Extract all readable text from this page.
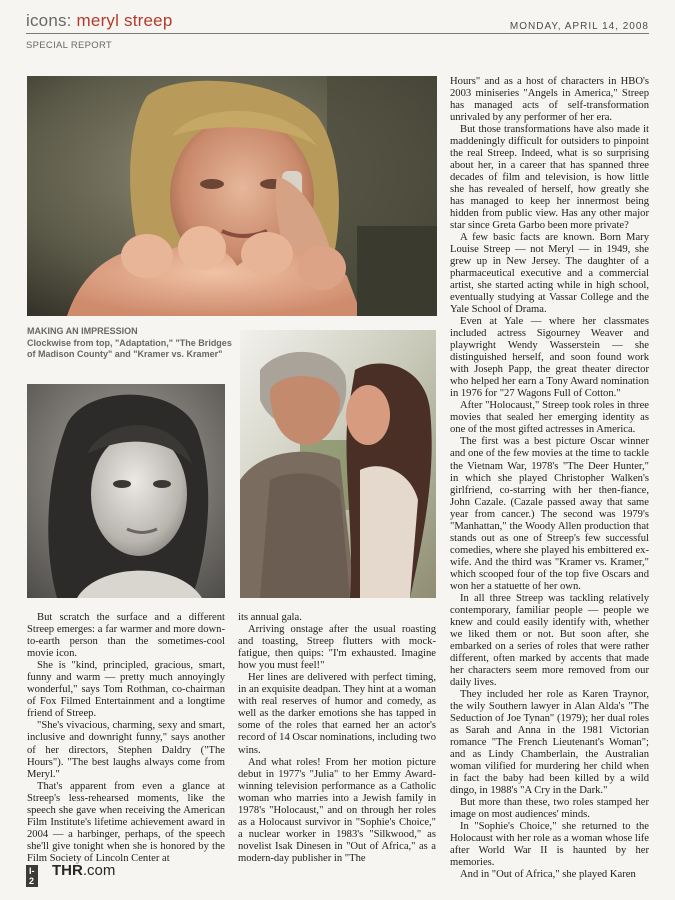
icons: meryl streep	MONDAY, APRIL 14, 2008
SPECIAL REPORT
MAKING AN IMPRESSION
Clockwise from top, "Adaptation," "The Bridges of Madison County" and "Kramer vs. Kramer"

But scratch the surface and a different Streep emerges: a far warmer and more down-to-earth person than the sometimes-cool movie icon.

She is "kind, principled, gracious, smart, funny and warm — pretty much annoyingly wonderful," says Tom Rothman, co-chairman of Fox Filmed Entertainment and a longtime friend of Streep.

"She's vivacious, charming, sexy and smart, inclusive and downright funny," says another of her directors, Stephen Daldry ("The Hours"). "The best laughs always come from Meryl."

That's apparent from even a glance at Streep's less-rehearsed moments, like the speech she gave when receiving the American Film Institute's lifetime achievement award in 2004 — a harbinger, perhaps, of the speech she'll give tonight when she is honored by the Film Society of Lincoln Center at

its annual gala.

Arriving onstage after the usual roasting and toasting, Streep flutters with mock-fatigue, then quips: "I'm exhausted. Imagine how you must feel!"

Her lines are delivered with perfect timing, in an exquisite deadpan. They hint at a woman with real reserves of humor and comedy, as well as the darker emotions she has tapped in some of the roles that earned her an actor's record of 14 Oscar nominations, including two wins.

And what roles! From her motion picture debut in 1977's "Julia" to her Emmy Award-winning television performance as a Catholic woman who marries into a Jewish family in 1978's "Holocaust," and on through her roles as a Holocaust survivor in "Sophie's Choice," a nuclear worker in 1983's "Silkwood," as novelist Isak Dinesen in "Out of Africa," as a modern-day publisher in "The

Hours" and as a host of characters in HBO's 2003 miniseries "Angels in America," Streep has managed acts of self-transformation unrivaled by any performer of her era.

But those transformations have also made it maddeningly difficult for outsiders to pinpoint the real Streep. Indeed, what is so surprising about her, in a career that has spanned three decades of film and television, is how little she has revealed of herself, how greatly she has managed to keep her innermost being hidden from public view. Has any other major star since Greta Garbo been more private?

A few basic facts are known. Born Mary Louise Streep — not Meryl — in 1949, she grew up in New Jersey. The daughter of a pharmaceutical executive and a commercial artist, she started acting while in high school, eventually studying at Vassar College and the Yale School of Drama.

Even at Yale — where her classmates included actress Sigourney Weaver and playwright Wendy Wasserstein — she distinguished herself, and soon found work with Joseph Papp, the great theater director who helped her earn a Tony Award nomination in 1976 for "27 Wagons Full of Cotton."

After "Holocaust," Streep took roles in three movies that sealed her emerging identity as one of the most gifted actresses in America.

The first was a best picture Oscar winner and one of the few movies at the time to tackle the Vietnam War, 1978's "The Deer Hunter," in which she played Christopher Walken's girlfriend, co-starring with her then-fiance, John Cazale. (Cazale passed away that same year from cancer.) The second was 1979's "Manhattan," the Woody Allen production that stands out as one of Streep's few successful comedies, where she played his embittered ex-wife. And the third was "Kramer vs. Kramer," which scooped four of the top five Oscars and won her a statuette of her own.

In all three Streep was tackling relatively contemporary, familiar people — people we knew and could easily identify with, whether we liked them or not. But soon after, she embarked on a series of roles that were rather different, often marked by accents that made her characters seem more removed from our daily lives.

They included her role as Karen Traynor, the wily Southern lawyer in Alan Alda's "The Seduction of Joe Tynan" (1979); her dual roles as Sarah and Anna in the 1981 Victorian romance "The French Lieutenant's Woman"; and as Lindy Chamberlain, the Australian woman vilified for murdering her child when in fact the baby had been killed by a wild dingo, in 1988's "A Cry in the Dark."

But more than these, two roles stamped her image on most audiences' minds.

In "Sophie's Choice," she returned to the Holocaust with her role as a woman whose life after World War II is haunted by her memories.

And in "Out of Africa," she played Karen

I-2
THR.com
